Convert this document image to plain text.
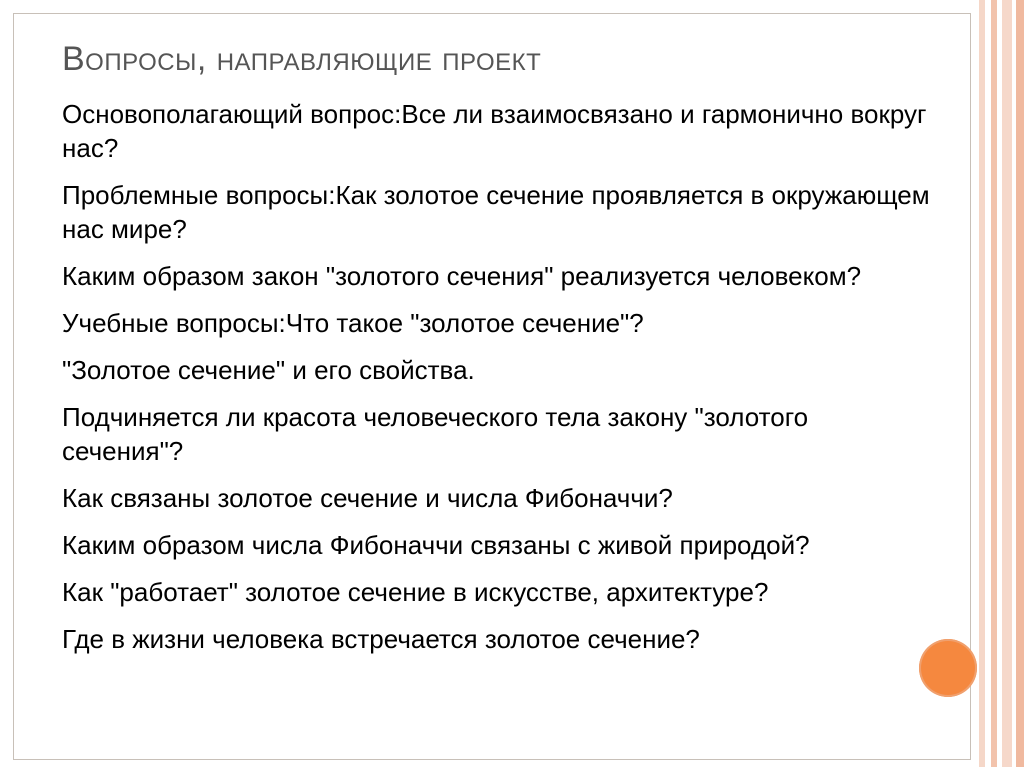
Вопросы, направляющие проект
Основополагающий вопрос:Все ли взаимосвязано и гармонично вокруг нас?
Проблемные вопросы:Как золотое сечение проявляется в окружающем нас мире?
Каким образом закон "золотого сечения" реализуется человеком?
Учебные вопросы:Что такое "золотое сечение"?
"Золотое сечение" и его свойства.
Подчиняется ли красота человеческого тела закону "золотого сечения"?
Как связаны золотое сечение и числа Фибоначчи?
Каким образом числа Фибоначчи связаны с живой природой?
Как "работает" золотое сечение в искусстве, архитектуре?
Где в жизни человека встречается золотое сечение?
